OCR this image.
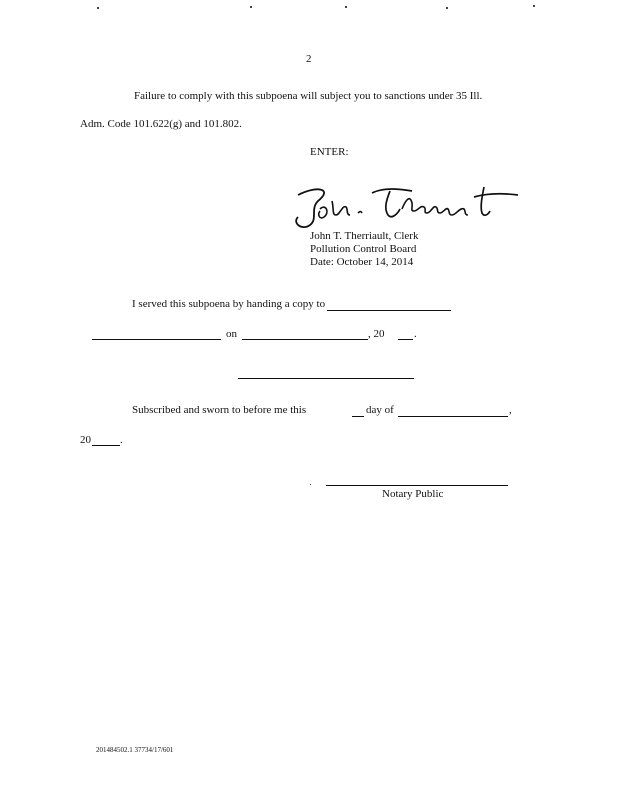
2
Failure to comply with this subpoena will subject you to sanctions under 35 Ill.
Adm. Code 101.622(g) and 101.802.
ENTER:
John T. Therriault, Clerk
Pollution Control Board
Date: October 14, 2014
I served this subpoena by handing a copy to
on	, 20	.
Subscribed and sworn to before me this	day of	,
20	.
Notary Public
201484502.1 37734/17/601
